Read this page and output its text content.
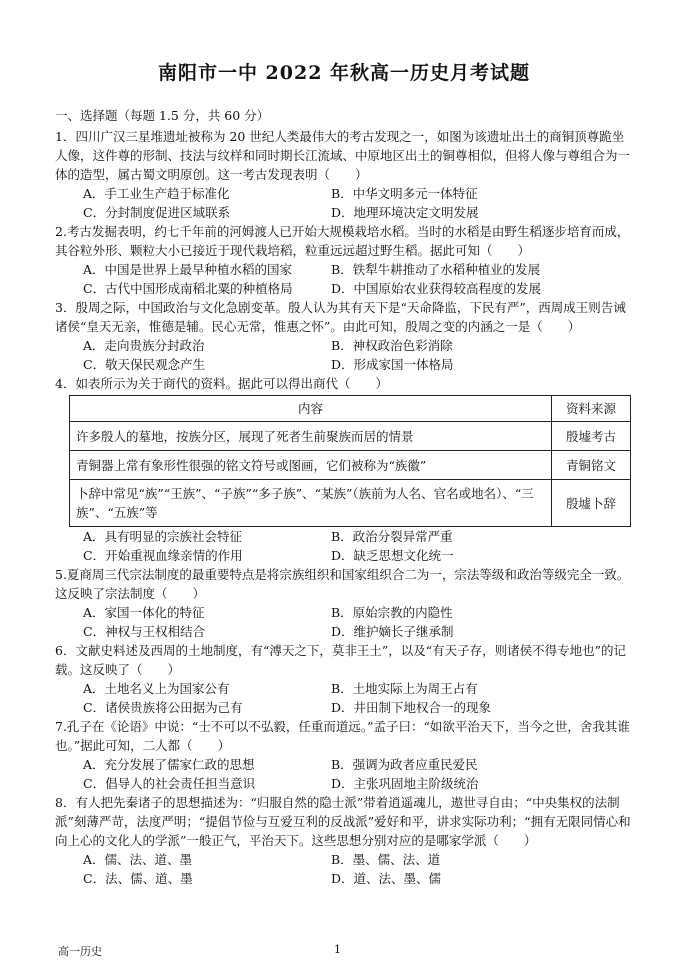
南阳市一中 2022 年秋高一历史月考试题

一、选择题（每题 1.5 分，共 60 分）

1．四川广汉三星堆遗址被称为 20 世纪人类最伟大的考古发现之一，如图为该遗址出土的商铜顶尊跪坐人像，这件尊的形制、技法与纹样和同时期长江流域、中原地区出土的铜尊相似，但将人像与尊组合为一体的造型，属古蜀文明原创。这一考古发现表明（　　）

A．手工业生产趋于标准化	B．中华文明多元一体特征
C．分封制度促进区域联系	D．地理环境决定文明发展

2.考古发掘表明，约七千年前的河姆渡人已开始大规模栽培水稻。当时的水稻是由野生稻逐步培育而成，其谷粒外形、颗粒大小已接近于现代栽培稻，粒重远远超过野生稻。据此可知（　　）

A．中国是世界上最早种植水稻的国家	B．铁犁牛耕推动了水稻种植业的发展
C．古代中国形成南稻北粟的种植格局	D．中国原始农业获得较高程度的发展

3．殷周之际，中国政治与文化急剧变革。殷人认为其有天下是“天命降监，下民有严”，西周成王则告诫诸侯“皇天无亲，惟德是辅。民心无常，惟惠之怀”。由此可知，殷周之变的内涵之一是（　　）

A．走向贵族分封政治	B．神权政治色彩消除
C．敬天保民观念产生	D．形成家国一体格局

4．如表所示为关于商代的资料。据此可以得出商代（　　）

内容	资料来源
许多殷人的墓地，按族分区，展现了死者生前聚族而居的情景	殷墟考古
青铜器上常有象形性很强的铭文符号或图画，它们被称为“族徽”	青铜铭文
卜辞中常见“族”“王族”、“子族”“多子族”、“某族”（族前为人名、官名或地名）、“三族”、“五族”等	殷墟卜辞
A．具有明显的宗族社会特征	B．政治分裂异常严重
C．开始重视血缘亲情的作用	D．缺乏思想文化统一

5.夏商周三代宗法制度的最重要特点是将宗族组织和国家组织合二为一，宗法等级和政治等级完全一致。这反映了宗法制度（　　）

A．家国一体化的特征	B．原始宗教的内隐性
C．神权与王权相结合	D．维护嫡长子继承制

6．文献史料述及西周的土地制度，有“溥天之下，莫非王土”，以及“有天子存，则诸侯不得专地也”的记载。这反映了（　　）

A．土地名义上为国家公有	B．土地实际上为周王占有
C．诸侯贵族将公田据为己有	D．井田制下地权合一的现象

7.孔子在《论语》中说：“士不可以不弘毅，任重而道远。”孟子曰：“如欲平治天下，当今之世，舍我其谁也。”据此可知，二人都（　　）

A．充分发展了儒家仁政的思想	B．强调为政者应重民爱民
C．倡导人的社会责任担当意识	D．主张巩固地主阶级统治

8．有人把先秦诸子的思想描述为：“归服自然的隐士派”带着逍遥魂儿，遨世寻自由；“中央集权的法制派”刻薄严苛，法度严明；“提倡节俭与互爱互利的反战派”爱好和平，讲求实际功利；“拥有无限同情心和向上心的文化人的学派”一般正气，平治天下。这些思想分别对应的是哪家学派（　　）

A．儒、法、道、墨	B．墨、儒、法、道
C．法、儒、道、墨	D．道、法、墨、儒
高一历史	1
